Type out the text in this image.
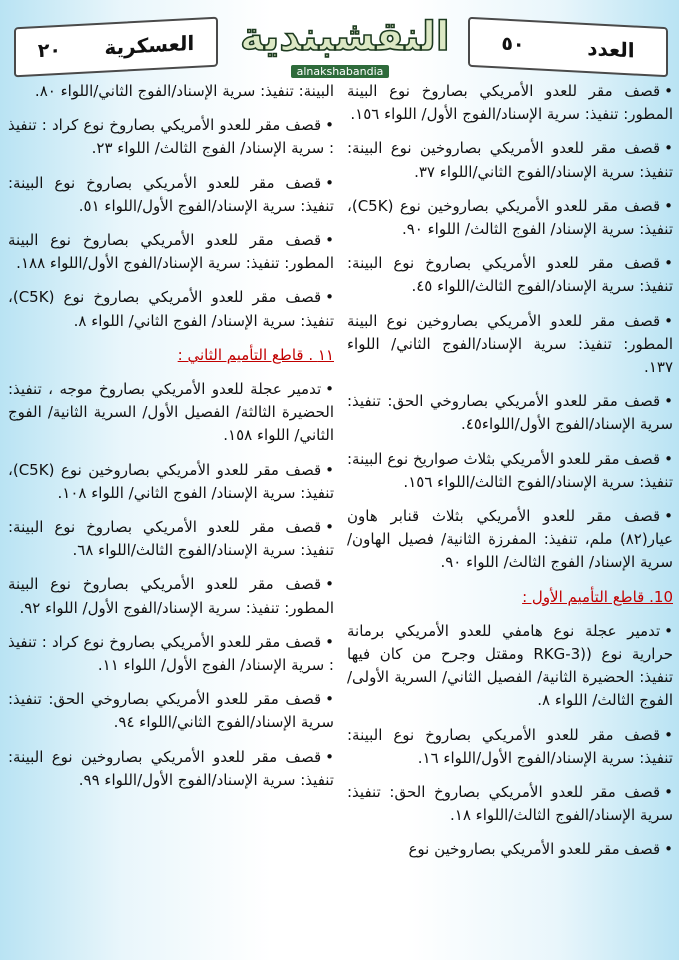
العسكرية
٢٠	النقشبندية
alnakshabandia
العدد
٥٠

•قصف مقر للعدو الأمريكي بصاروخ نوع البينة المطور: تنفيذ: سرية الإسناد/الفوج الأول/ اللواء ١٥٦.

•قصف مقر للعدو الأمريكي بصاروخين نوع البينة: تنفيذ: سرية الإسناد/الفوج الثاني/اللواء ٣٧.

•قصف مقر للعدو الأمريكي بصاروخين نوع (C5K)، تنفيذ: سرية الإسناد/ الفوج الثالث/ اللواء ٩٠.

•قصف مقر للعدو الأمريكي بصاروخ نوع البينة: تنفيذ: سرية الإسناد/الفوج الثالث/اللواء ٤٥.

•قصف مقر للعدو الأمريكي بصاروخين نوع البينة المطور: تنفيذ: سرية الإسناد/الفوج الثاني/ اللواء ١٣٧.

•قصف مقر للعدو الأمريكي بصاروخي الحق: تنفيذ: سرية الإسناد/الفوج الأول/اللواء٤٥.

•قصف مقر للعدو الأمريكي بثلاث صواريخ نوع البينة: تنفيذ: سرية الإسناد/الفوج الثالث/اللواء ١٥٦.

•قصف مقر للعدو الأمريكي بثلاث قنابر هاون عيار(٨٢) ملم، تنفيذ: المفرزة الثانية/ فصيل الهاون/ سرية الإسناد/ الفوج الثالث/ اللواء ٩٠.

10. قاطع التأميم الأول :

•تدمير عجلة نوع هامفي للعدو الأمريكي برمانة حرارية نوع ((RKG-3 ومقتل وجرح من كان فيها تنفيذ: الحضيرة الثانية/ الفصيل الثاني/ السرية الأولى/ الفوج الثالث/ اللواء ٨.

•قصف مقر للعدو الأمريكي بصاروخ نوع البينة: تنفيذ: سرية الإسناد/الفوج الأول/اللواء ١٦.

•قصف مقر للعدو الأمريكي بصاروخ الحق: تنفيذ: سرية الإسناد/الفوج الثالث/اللواء ١٨.

•قصف مقر للعدو الأمريكي بصاروخين نوع

البينة: تنفيذ: سرية الإسناد/الفوج الثاني/اللواء ٨٠.

•قصف مقر للعدو الأمريكي بصاروخ نوع كراد : تنفيذ : سرية الإسناد/ الفوج الثالث/ اللواء ٢٣.

•قصف مقر للعدو الأمريكي بصاروخ نوع البينة: تنفيذ: سرية الإسناد/الفوج الأول/اللواء ٥١.

•قصف مقر للعدو الأمريكي بصاروخ نوع البينة المطور: تنفيذ: سرية الإسناد/الفوج الأول/اللواء ١٨٨.

•قصف مقر للعدو الأمريكي بصاروخ نوع (C5K)، تنفيذ: سرية الإسناد/ الفوج الثاني/ اللواء ٨.

١١ . قاطع التأميم الثاني :

•تدمير عجلة للعدو الأمريكي بصاروخ موجه ، تنفيذ: الحضيرة الثالثة/ الفصيل الأول/ السرية الثانية/ الفوج الثاني/ اللواء ١٥٨.

•قصف مقر للعدو الأمريكي بصاروخين نوع (C5K)، تنفيذ: سرية الإسناد/ الفوج الثاني/ اللواء ١٠٨.

•قصف مقر للعدو الأمريكي بصاروخ نوع البينة: تنفيذ: سرية الإسناد/الفوج الثالث/اللواء ٦٨.

•قصف مقر للعدو الأمريكي بصاروخ نوع البينة المطور: تنفيذ: سرية الإسناد/الفوج الأول/ اللواء ٩٢.

•قصف مقر للعدو الأمريكي بصاروخ نوع كراد : تنفيذ : سرية الإسناد/ الفوج الأول/ اللواء ١١.

•قصف مقر للعدو الأمريكي بصاروخي الحق: تنفيذ: سرية الإسناد/الفوج الثاني/اللواء ٩٤.

•قصف مقر للعدو الأمريكي بصاروخين نوع البينة: تنفيذ: سرية الإسناد/الفوج الأول/اللواء ٩٩.
